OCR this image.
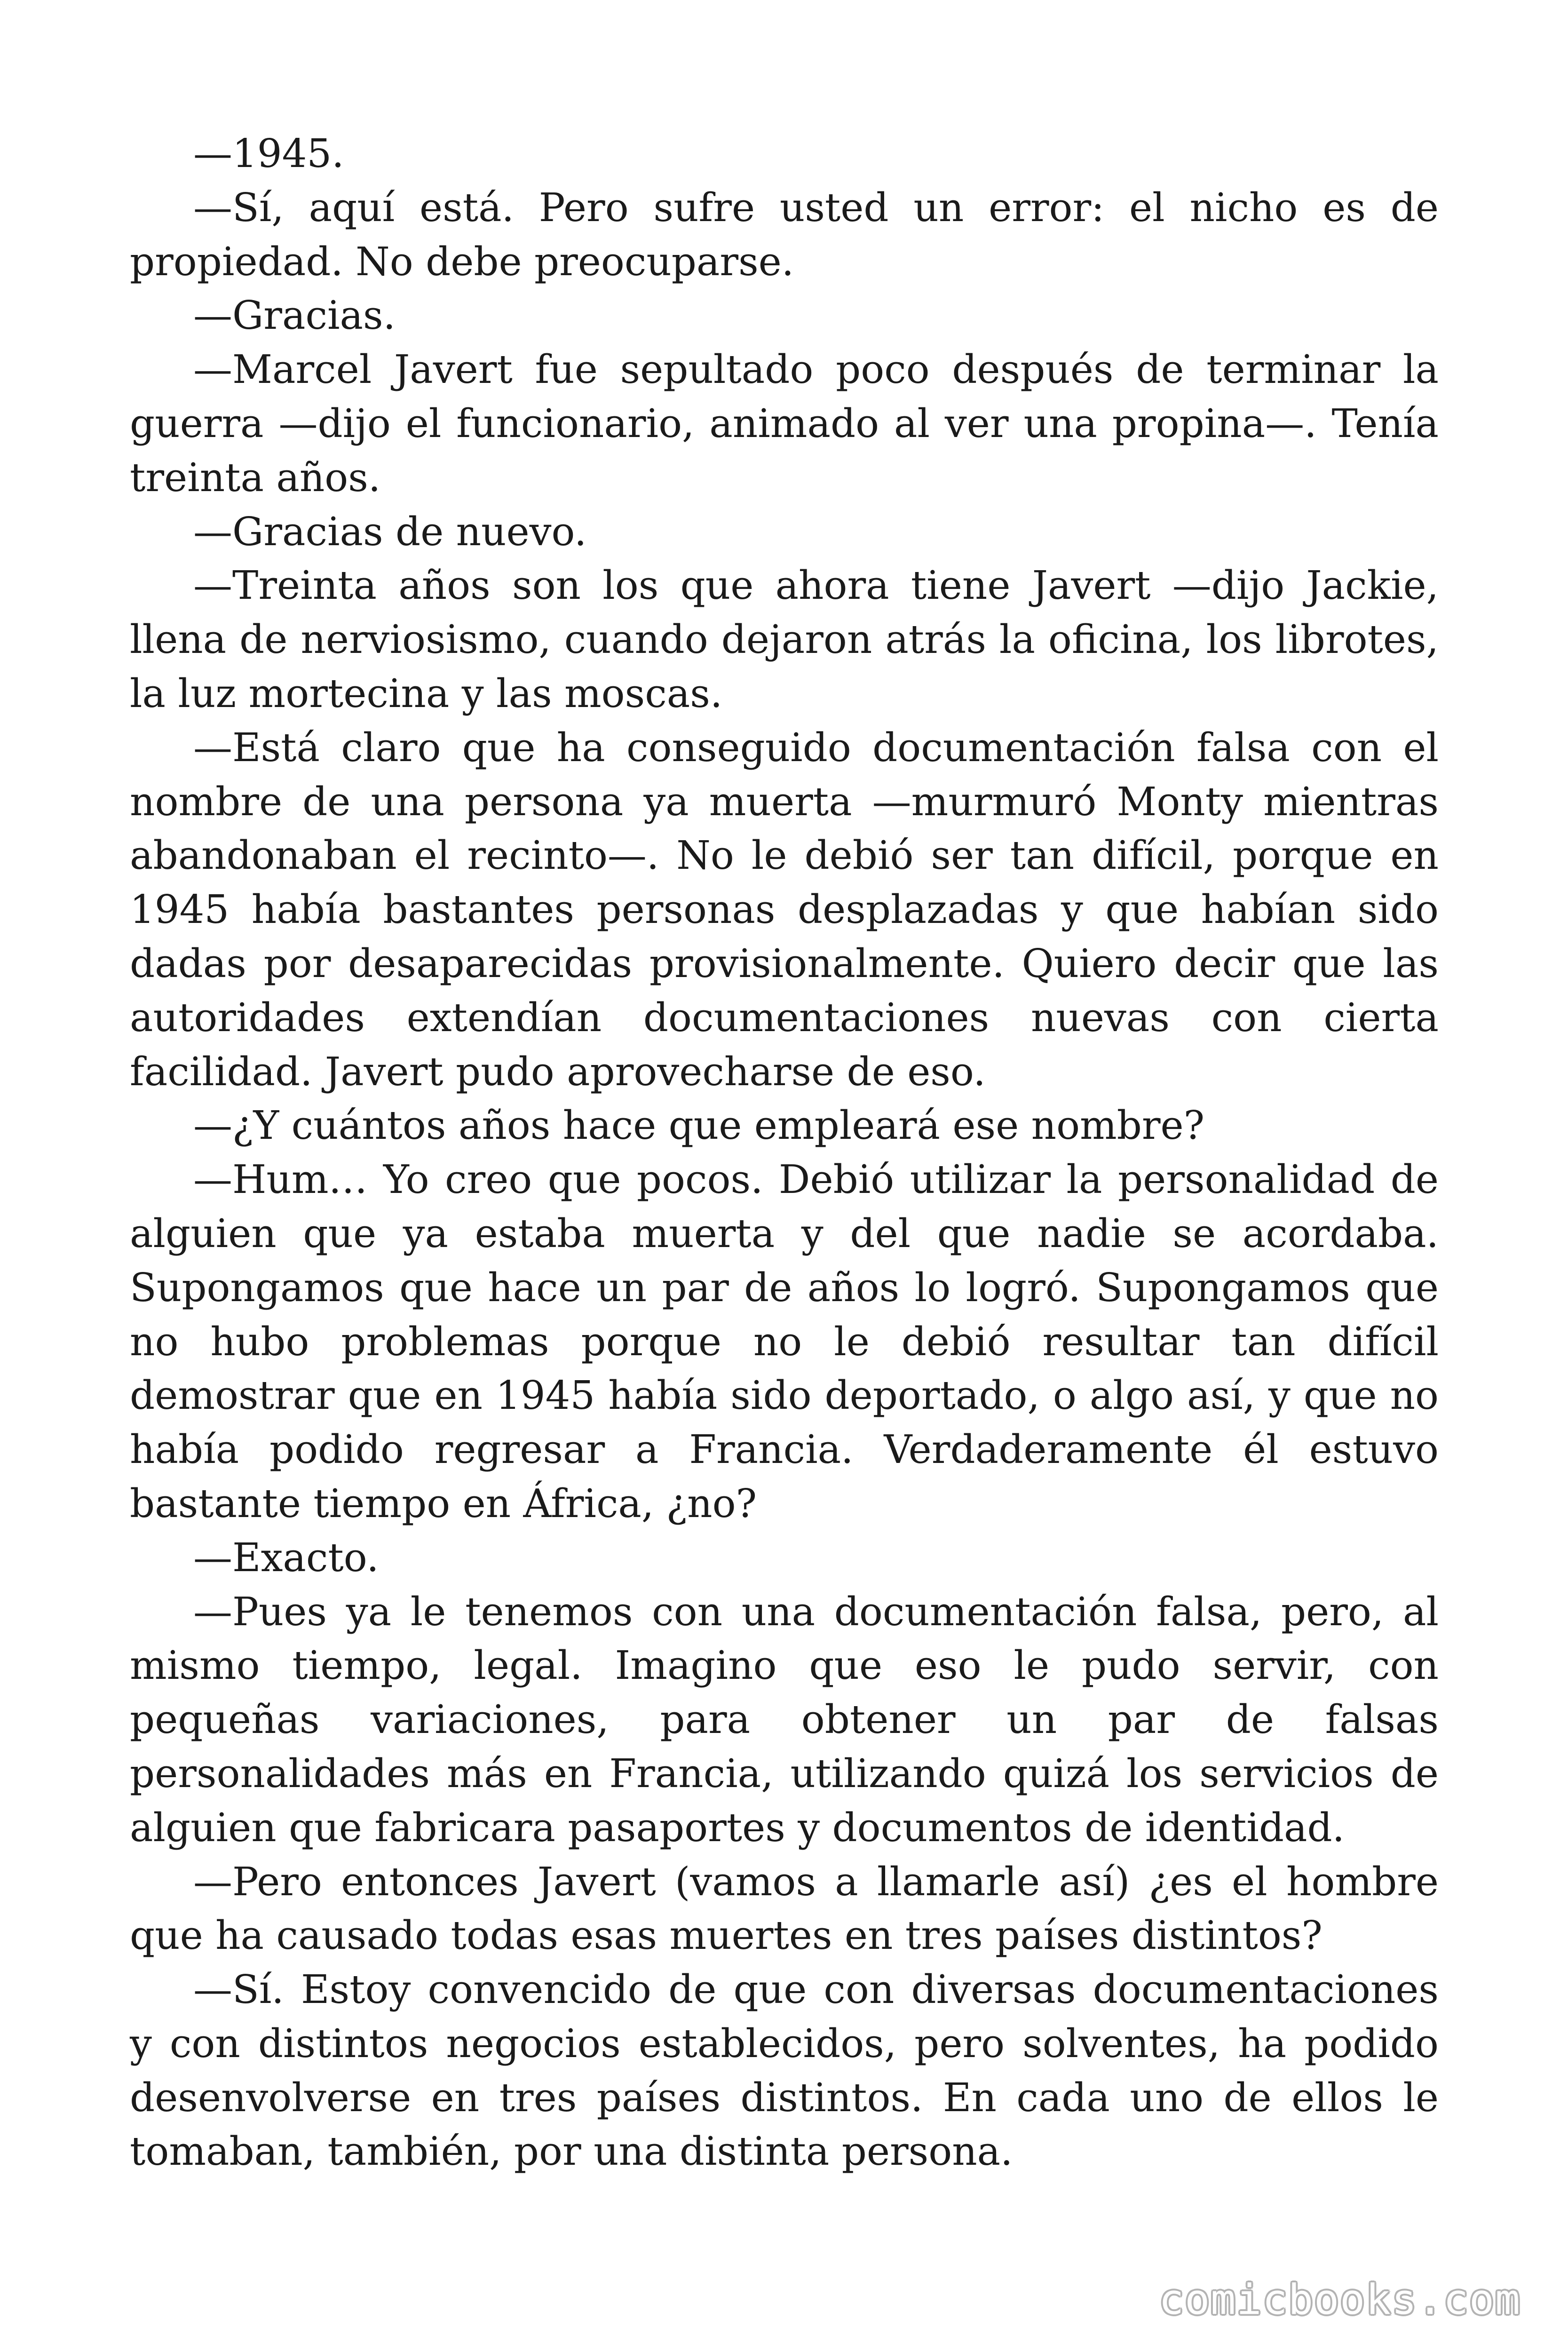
—1945.

—Sí, aquí está. Pero sufre usted un error: el nicho es de propiedad. No debe preocuparse.

—Gracias.

—Marcel Javert fue sepultado poco después de terminar la guerra —dijo el funcionario, animado al ver una propina—. Tenía treinta años.

—Gracias de nuevo.

—Treinta años son los que ahora tiene Javert —dijo Jackie, llena de nerviosismo, cuando dejaron atrás la oficina, los librotes, la luz mortecina y las moscas.

—Está claro que ha conseguido documentación falsa con el nombre de una persona ya muerta —murmuró Monty mientras abandonaban el recinto—. No le debió ser tan difícil, porque en 1945 había bastantes personas desplazadas y que habían sido dadas por desaparecidas provisionalmente. Quiero decir que las autoridades extendían documentaciones nuevas con cierta facilidad. Javert pudo aprovecharse de eso.

—¿Y cuántos años hace que empleará ese nombre?

—Hum… Yo creo que pocos. Debió utilizar la personalidad de alguien que ya estaba muerta y del que nadie se acordaba. Supongamos que hace un par de años lo logró. Supongamos que no hubo problemas porque no le debió resultar tan difícil demostrar que en 1945 había sido deportado, o algo así, y que no había podido regresar a Francia. Verdaderamente él estuvo bastante tiempo en África, ¿no?

—Exacto.

—Pues ya le tenemos con una documentación falsa, pero, al mismo tiempo, legal. Imagino que eso le pudo servir, con pequeñas variaciones, para obtener un par de falsas personalidades más en Francia, utilizando quizá los servicios de alguien que fabricara pasaportes y documentos de identidad.

—Pero entonces Javert (vamos a llamarle así) ¿es el hombre que ha causado todas esas muertes en tres países distintos?

—Sí. Estoy convencido de que con diversas documentaciones y con distintos negocios establecidos, pero solventes, ha podido desenvolverse en tres países distintos. En cada uno de ellos le tomaban, también, por una distinta persona.

comicbooks.com
